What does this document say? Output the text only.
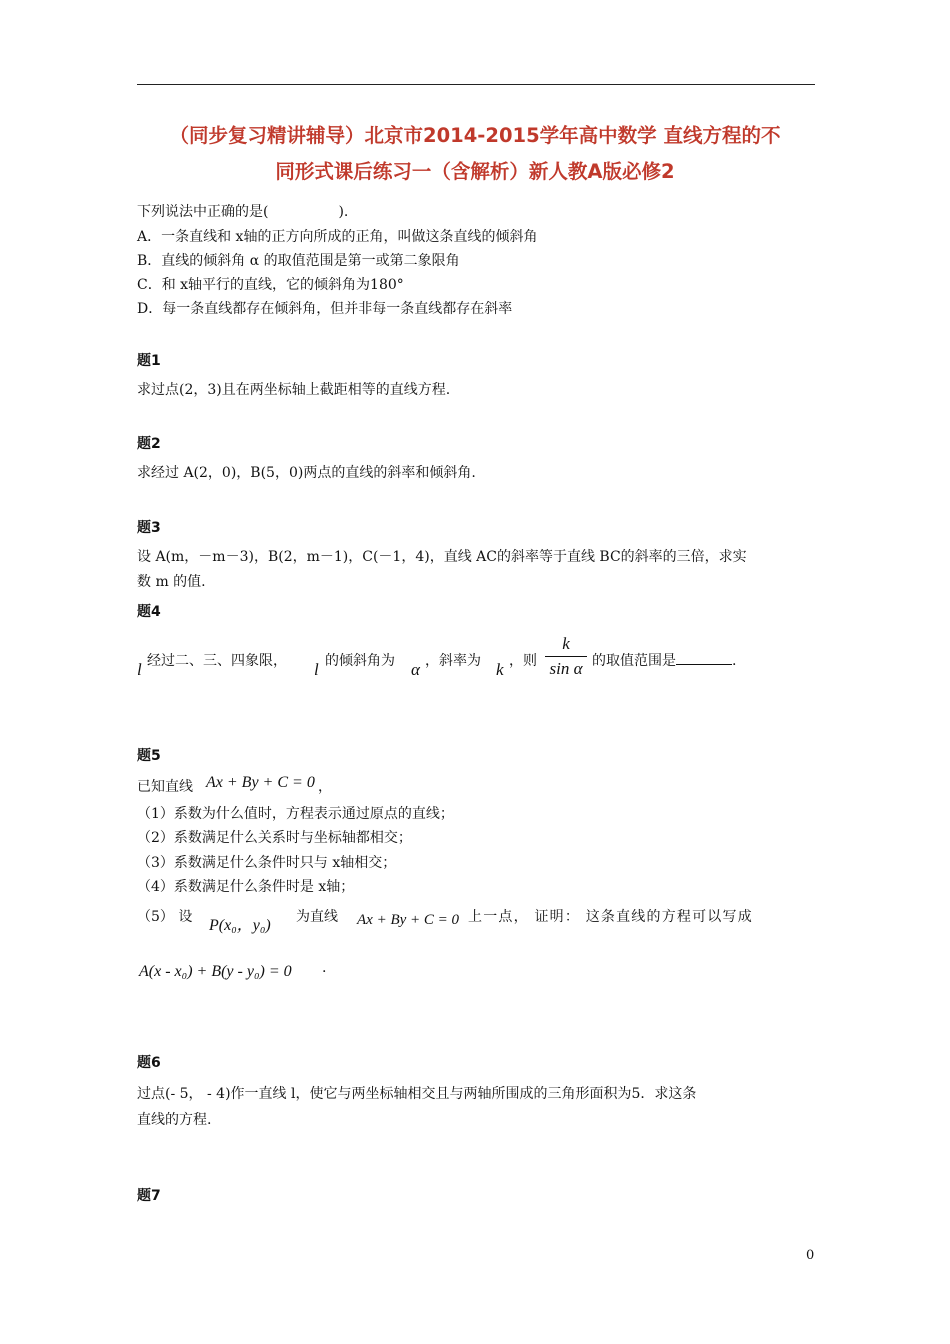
（同步复习精讲辅导）北京市2014-2015学年高中数学 直线方程的不
同形式课后练习一（含解析）新人教A版必修2
下列说法中正确的是(　　　　　).
A．一条直线和 x轴的正方向所成的正角，叫做这条直线的倾斜角
B．直线的倾斜角 α 的取值范围是第一或第二象限角
C．和 x轴平行的直线，它的倾斜角为180°
D．每一条直线都存在倾斜角，但并非每一条直线都存在斜率
题1
求过点(2，3)且在两坐标轴上截距相等的直线方程.
题2
求经过 A(2，0)，B(5，0)两点的直线的斜率和倾斜角.
题3
设 A(m，－m－3)，B(2，m－1)，C(－1，4)，直线 AC的斜率等于直线 BC的斜率的三倍，求实
数 m 的值.
题4
l 经过二、三、四象限， l 的倾斜角为 α ，斜率为 k ，则
k
sin α 的取值范围是	.
题5
已知直线 Ax + By + C = 0 ，
（1）系数为什么值时，方程表示通过原点的直线；
（2）系数满足什么关系时与坐标轴都相交；
（3）系数满足什么条件时只与 x轴相交；
（4）系数满足什么条件时是 x轴；
（5） 设 P(x₀，y₀) 为直线 Ax + By + C = 0 上一点， 证明： 这条直线的方程可以写成
A(x - x₀) + B(y - y₀) = 0 .
题6
过点(- 5， - 4)作一直线 l，使它与两坐标轴相交且与两轴所围成的三角形面积为5．求这条
直线的方程.
题7
0
